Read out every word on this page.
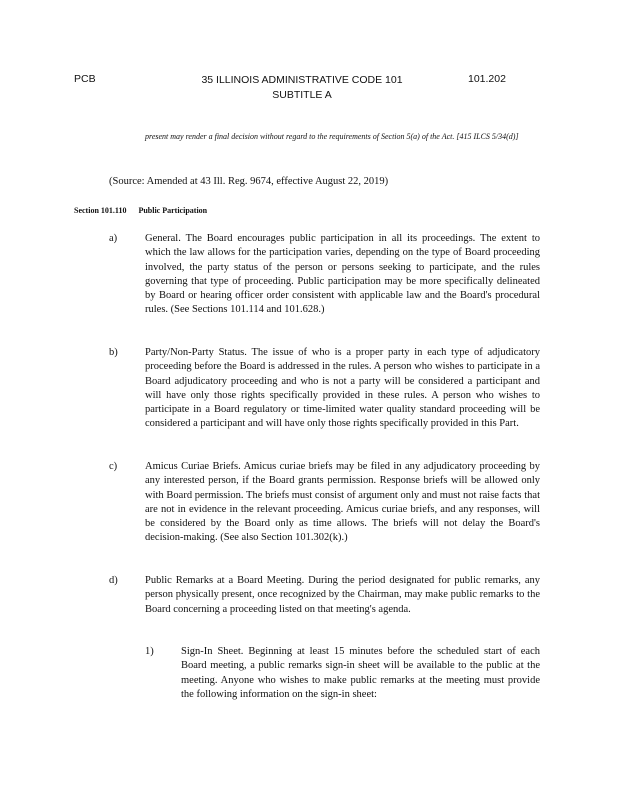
PCB	35 ILLINOIS ADMINISTRATIVE CODE 101
SUBTITLE A
101.202
present may render a final decision without regard to the requirements of Section 5(a) of the Act. [415 ILCS 5/34(d)]
(Source: Amended at 43 Ill. Reg. 9674, effective August 22, 2019)
Section 101.110 Public Participation
a)	General. The Board encourages public participation in all its proceedings. The extent to which the law allows for the participation varies, depending on the type of Board proceeding involved, the party status of the person or persons seeking to participate, and the rules governing that type of proceeding. Public participation may be more specifically delineated by Board or hearing officer order consistent with applicable law and the Board's procedural rules. (See Sections 101.114 and 101.628.)
b)	Party/Non-Party Status. The issue of who is a proper party in each type of adjudicatory proceeding before the Board is addressed in the rules. A person who wishes to participate in a Board adjudicatory proceeding and who is not a party will be considered a participant and will have only those rights specifically provided in these rules. A person who wishes to participate in a Board regulatory or time-limited water quality standard proceeding will be considered a participant and will have only those rights specifically provided in this Part.
c)	Amicus Curiae Briefs. Amicus curiae briefs may be filed in any adjudicatory proceeding by any interested person, if the Board grants permission. Response briefs will be allowed only with Board permission. The briefs must consist of argument only and must not raise facts that are not in evidence in the relevant proceeding. Amicus curiae briefs, and any responses, will be considered by the Board only as time allows. The briefs will not delay the Board's decision-making. (See also Section 101.302(k).)
d)	Public Remarks at a Board Meeting. During the period designated for public remarks, any person physically present, once recognized by the Chairman, may make public remarks to the Board concerning a proceeding listed on that meeting's agenda.
1)	Sign-In Sheet. Beginning at least 15 minutes before the scheduled start of each Board meeting, a public remarks sign-in sheet will be available to the public at the meeting. Anyone who wishes to make public remarks at the meeting must provide the following information on the sign-in sheet:
